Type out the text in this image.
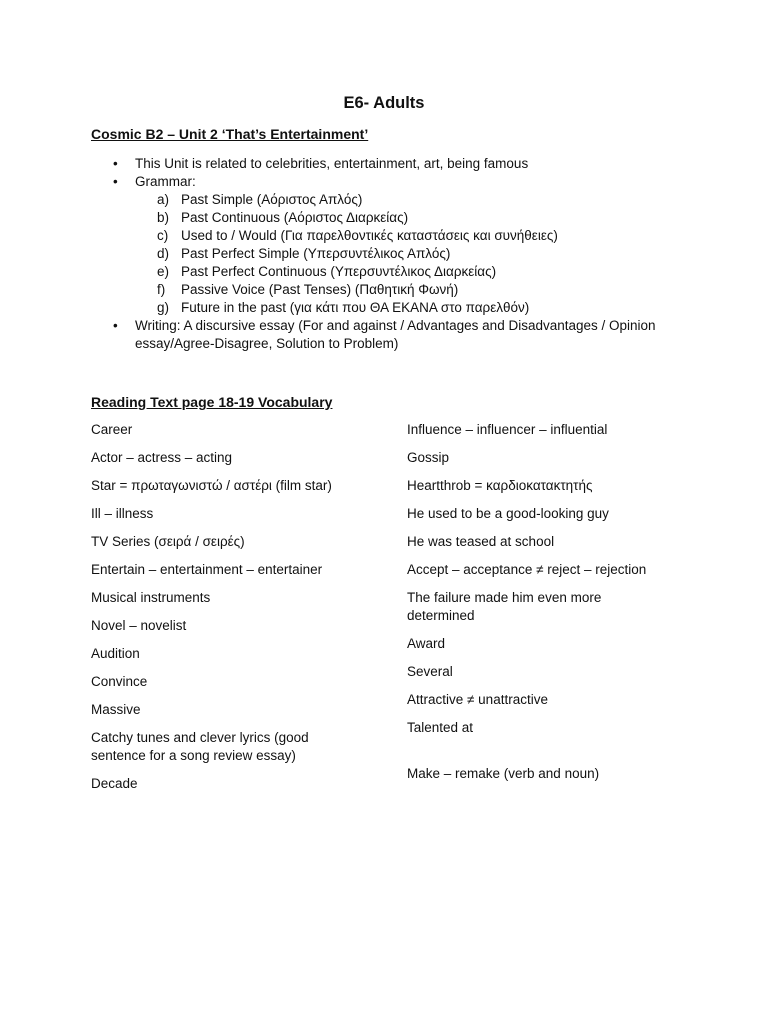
E6- Adults
Cosmic B2 – Unit 2 ‘That’s Entertainment’
• This Unit is related to celebrities, entertainment, art, being famous
• Grammar:
a) Past Simple (Αόριστος Απλός)
b) Past Continuous (Αόριστος Διαρκείας)
c) Used to / Would (Για παρελθοντικές καταστάσεις και συνήθειες)
d) Past Perfect Simple (Υπερσυντέλικος Απλός)
e) Past Perfect Continuous (Υπερσυντέλικος Διαρκείας)
f) Passive Voice (Past Tenses) (Παθητική Φωνή)
g) Future in the past (για κάτι που ΘΑ ΕΚΑΝΑ στο παρελθόν)
• Writing: A discursive essay (For and against / Advantages and Disadvantages / Opinion essay/Agree-Disagree, Solution to Problem)
Reading Text page 18-19 Vocabulary
Career
Actor – actress – acting
Star = πρωταγωνιστώ / αστέρι (film star)
Ill – illness
TV Series (σειρά / σειρές)
Entertain – entertainment – entertainer
Musical instruments
Novel – novelist
Audition
Convince
Massive
Catchy tunes and clever lyrics (good sentence for a song review essay)
Decade
Influence – influencer – influential
Gossip
Heartthrob = καρδιοκατακτητής
He used to be a good-looking guy
He was teased at school
Accept – acceptance ≠ reject – rejection
The failure made him even more determined
Award
Several
Attractive ≠ unattractive
Talented at
Make – remake (verb and noun)
